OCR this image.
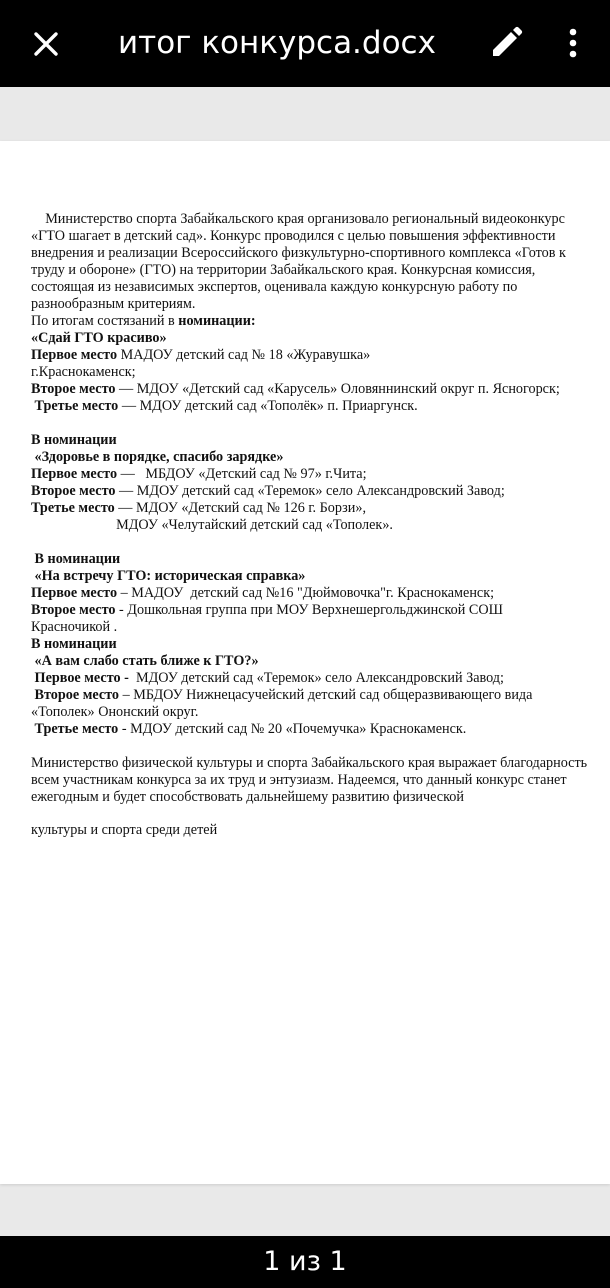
итог конкурса.docx
Министерство спорта Забайкальского края организовало региональный видеоконкурс «ГТО шагает в детский сад». Конкурс проводился с целью повышения эффективности внедрения и реализации Всероссийского физкультурно-спортивного комплекса «Готов к труду и обороне» (ГТО) на территории Забайкальского края. Конкурсная комиссия, состоящая из независимых экспертов, оценивала каждую конкурсную работу по разнообразным критериям.
По итогам состязаний в номинации:
«Сдай ГТО красиво»
Первое место МАДОУ детский сад № 18 «Журавушка»
г.Краснокаменск;
Второе место — МДОУ «Детский сад «Карусель» Оловяннинский округ п. Ясногорск;
Третье место — МДОУ детский сад «Тополёк» п. Приаргунск.
В номинации
«Здоровье в порядке, спасибо зарядке»
Первое место —   МБДОУ «Детский сад № 97» г.Чита;
Второе место — МДОУ детский сад «Теремок» село Александровский Завод;
Третье место — МДОУ «Детский сад № 126 г. Борзи»,
МДОУ «Челутайский детский сад «Тополек».
В номинации
«На встречу ГТО: историческая справка»
Первое место – МАДОУ  детский сад №16 "Дюймовочка"г. Краснокаменск;
Второе место - Дошкольная группа при МОУ Верхнешергольджинской СОШ
Красночикой .
В номинации
«А вам слабо стать ближе к ГТО?»
Первое место -  МДОУ детский сад «Теремок» село Александровский Завод;
Второе место – МБДОУ Нижнецасучейский детский сад общеразвивающего вида
«Тополек» Ононский округ.
Третье место - МДОУ детский сад № 20 «Почемучка» Краснокаменск.
Министерство физической культуры и спорта Забайкальского края выражает благодарность всем участникам конкурса за их труд и энтузиазм. Надеемся, что данный конкурс станет ежегодным и будет способствовать дальнейшему развитию физической
культуры и спорта среди детей
1 из 1
